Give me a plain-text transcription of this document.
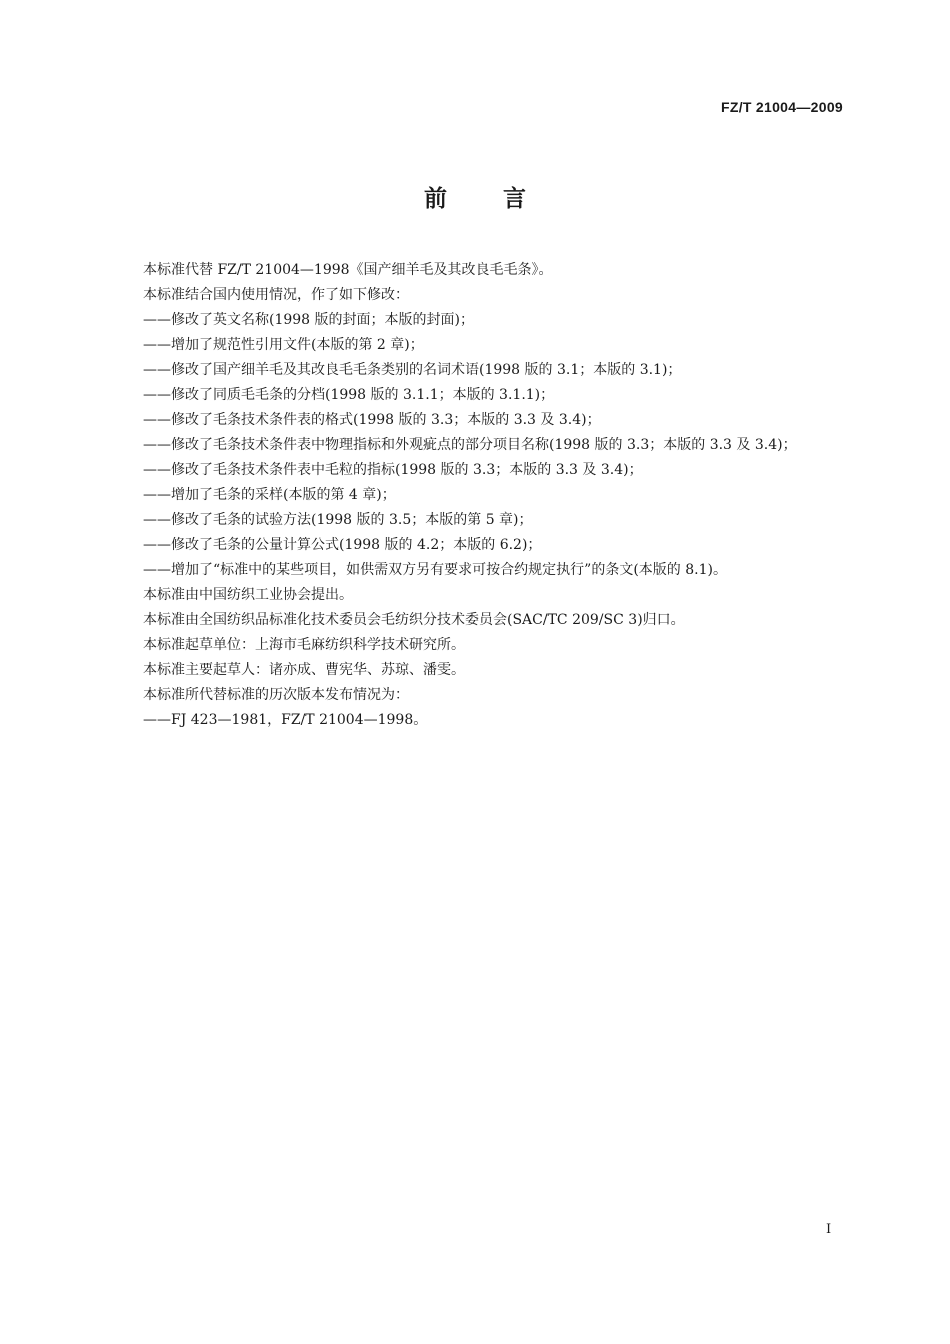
FZ/T 21004—2009
前言
本标准代替 FZ/T 21004—1998《国产细羊毛及其改良毛毛条》。
本标准结合国内使用情况，作了如下修改：
——修改了英文名称(1998 版的封面；本版的封面)；
——增加了规范性引用文件(本版的第 2 章)；
——修改了国产细羊毛及其改良毛毛条类别的名词术语(1998 版的 3.1；本版的 3.1)；
——修改了同质毛毛条的分档(1998 版的 3.1.1；本版的 3.1.1)；
——修改了毛条技术条件表的格式(1998 版的 3.3；本版的 3.3 及 3.4)；
——修改了毛条技术条件表中物理指标和外观疵点的部分项目名称(1998 版的 3.3；本版的 3.3 及 3.4)；
——修改了毛条技术条件表中毛粒的指标(1998 版的 3.3；本版的 3.3 及 3.4)；
——增加了毛条的采样(本版的第 4 章)；
——修改了毛条的试验方法(1998 版的 3.5；本版的第 5 章)；
——修改了毛条的公量计算公式(1998 版的 4.2；本版的 6.2)；
——增加了“标准中的某些项目，如供需双方另有要求可按合约规定执行”的条文(本版的 8.1)。
本标准由中国纺织工业协会提出。
本标准由全国纺织品标准化技术委员会毛纺织分技术委员会(SAC/TC 209/SC 3)归口。
本标准起草单位：上海市毛麻纺织科学技术研究所。
本标准主要起草人：诸亦成、曹宪华、苏琼、潘雯。
本标准所代替标准的历次版本发布情况为：
——FJ 423—1981，FZ/T 21004—1998。
I
